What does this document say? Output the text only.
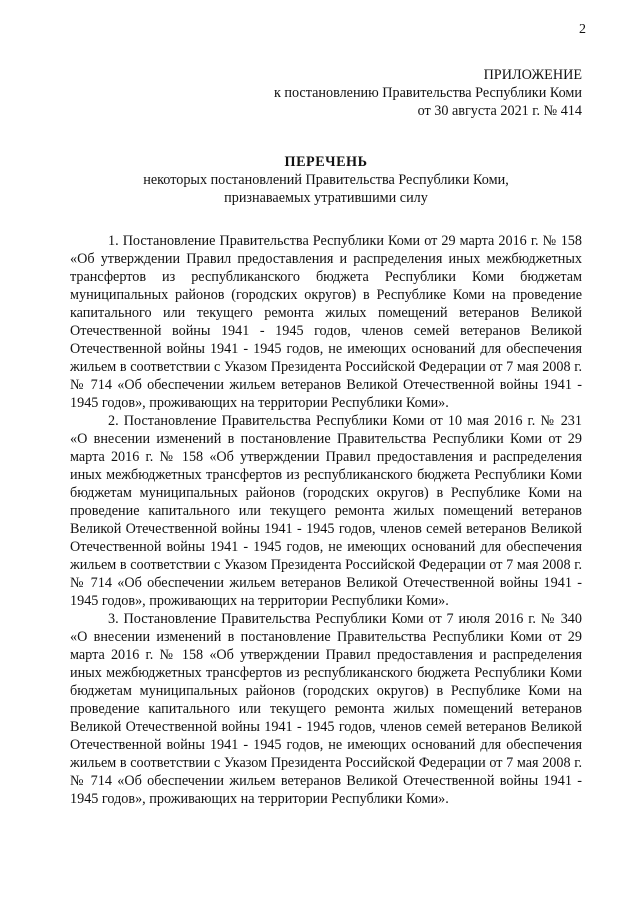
2
ПРИЛОЖЕНИЕ
к постановлению Правительства Республики Коми
от 30 августа 2021 г. № 414
ПЕРЕЧЕНЬ
некоторых постановлений Правительства Республики Коми,
признаваемых утратившими силу

1. Постановление Правительства Республики Коми от 29 марта 2016 г. № 158 «Об утверждении Правил предоставления и распределения иных межбюджетных трансфертов из республиканского бюджета Республики Коми бюджетам муниципальных районов (городских округов) в Республике Коми на проведение капитального или текущего ремонта жилых помещений ветеранов Великой Отечественной войны 1941 - 1945 годов, членов семей ветеранов Великой Отечественной войны 1941 - 1945 годов, не имеющих оснований для обеспечения жильем в соответствии с Указом Президента Российской Федерации от 7 мая 2008 г. № 714 «Об обеспечении жильем ветеранов Великой Отечественной войны 1941 - 1945 годов», проживающих на территории Республики Коми».

2. Постановление Правительства Республики Коми от 10 мая 2016 г. № 231 «О внесении изменений в постановление Правительства Республики Коми от 29 марта 2016 г. № 158 «Об утверждении Правил предоставления и распределения иных межбюджетных трансфертов из республиканского бюджета Республики Коми бюджетам муниципальных районов (городских округов) в Республике Коми на проведение капитального или текущего ремонта жилых помещений ветеранов Великой Отечественной войны 1941 - 1945 годов, членов семей ветеранов Великой Отечественной войны 1941 - 1945 годов, не имеющих оснований для обеспечения жильем в соответствии с Указом Президента Российской Федерации от 7 мая 2008 г. № 714 «Об обеспечении жильем ветеранов Великой Отечественной войны 1941 - 1945 годов», проживающих на территории Республики Коми».

3. Постановление Правительства Республики Коми от 7 июля 2016 г. № 340 «О внесении изменений в постановление Правительства Республики Коми от 29 марта 2016 г. № 158 «Об утверждении Правил предоставления и распределения иных межбюджетных трансфертов из республиканского бюджета Республики Коми бюджетам муниципальных районов (городских округов) в Республике Коми на проведение капитального или текущего ремонта жилых помещений ветеранов Великой Отечественной войны 1941 - 1945 годов, членов семей ветеранов Великой Отечественной войны 1941 - 1945 годов, не имеющих оснований для обеспечения жильем в соответствии с Указом Президента Российской Федерации от 7 мая 2008 г. № 714 «Об обеспечении жильем ветеранов Великой Отечественной войны 1941 - 1945 годов», проживающих на территории Республики Коми».
